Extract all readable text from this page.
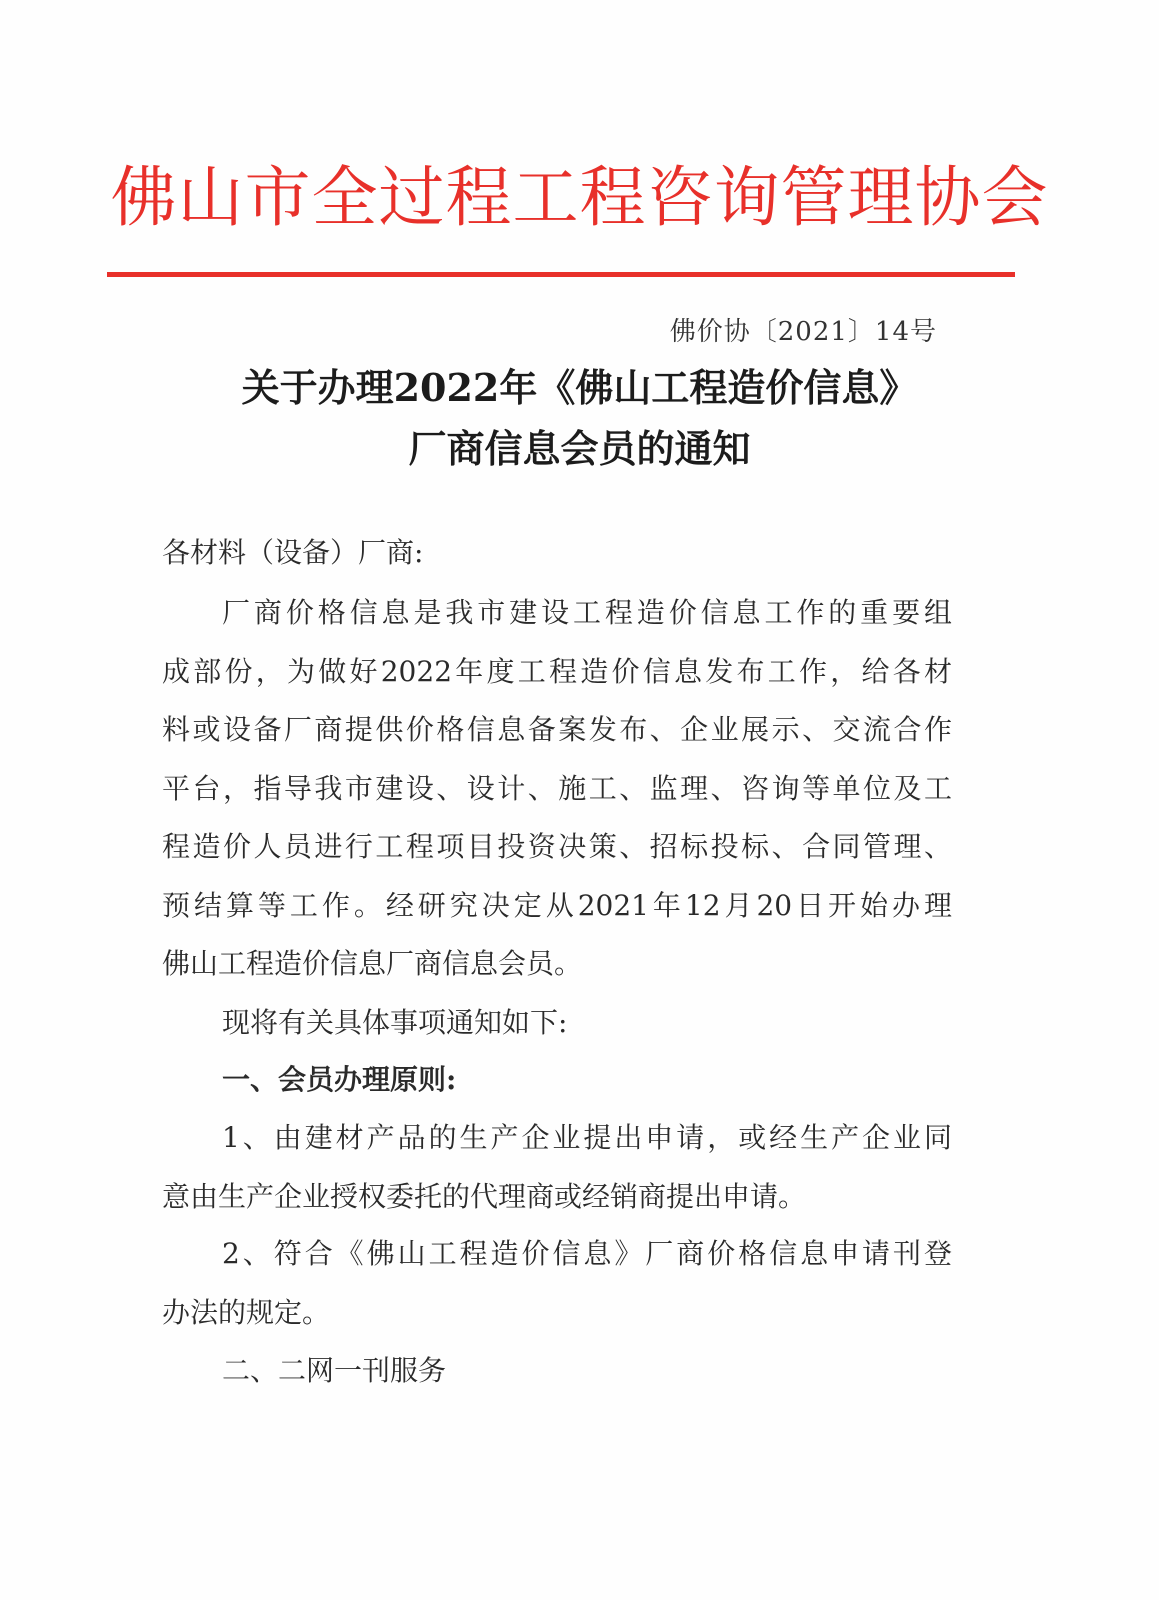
佛山市全过程工程咨询管理协会
佛价协〔2021〕14号
关于办理2022年《佛山工程造价信息》
厂商信息会员的通知
各材料（设备）厂商:
厂商价格信息是我市建设工程造价信息工作的重要组
成部份，为做好2022年度工程造价信息发布工作，给各材
料或设备厂商提供价格信息备案发布、企业展示、交流合作
平台，指导我市建设、设计、施工、监理、咨询等单位及工
程造价人员进行工程项目投资决策、招标投标、合同管理、
预结算等工作。经研究决定从2021年12月20日开始办理
佛山工程造价信息厂商信息会员。
现将有关具体事项通知如下:
一、会员办理原则:
1、由建材产品的生产企业提出申请，或经生产企业同
意由生产企业授权委托的代理商或经销商提出申请。
2、符合《佛山工程造价信息》厂商价格信息申请刊登
办法的规定。
二、二网一刊服务
